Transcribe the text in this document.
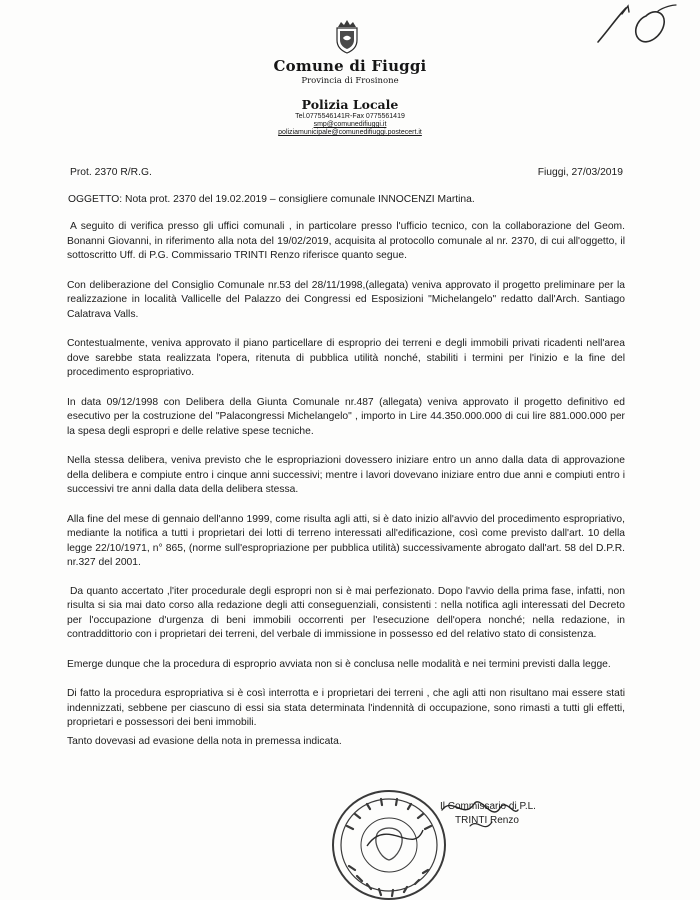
Comune di Fiuggi
Provincia di Frosinone
Polizia Locale
Tel.0775546141R-Fax 0775561419
smp@comunedifiuggi.it
poliziamunicipale@comunedifiuggi.postecert.it
Prot. 2370 R/R.G.	Fiuggi, 27/03/2019
OGGETTO: Nota prot. 2370 del 19.02.2019 – consigliere comunale INNOCENZI Martina.

A seguito di verifica presso gli uffici comunali , in particolare presso l'ufficio tecnico, con la collaborazione del Geom. Bonanni Giovanni, in riferimento alla nota del 19/02/2019, acquisita al protocollo comunale al nr. 2370, di cui all'oggetto, il sottoscritto Uff. di P.G. Commissario TRINTI Renzo riferisce quanto segue.

Con deliberazione del Consiglio Comunale nr.53 del 28/11/1998,(allegata) veniva approvato il progetto preliminare per la realizzazione in località Vallicelle del Palazzo dei Congressi ed Esposizioni "Michelangelo" redatto dall'Arch. Santiago Calatrava Valls.

Contestualmente, veniva approvato il piano particellare di esproprio dei terreni e degli immobili privati ricadenti nell'area dove sarebbe stata realizzata l'opera, ritenuta di pubblica utilità nonché, stabiliti i termini per l'inizio e la fine del procedimento espropriativo.

In data 09/12/1998 con Delibera della Giunta Comunale nr.487 (allegata) veniva approvato il progetto definitivo ed esecutivo per la costruzione del "Palacongressi Michelangelo" , importo in Lire 44.350.000.000 di cui lire 881.000.000 per la spesa degli espropri e delle relative spese tecniche.

Nella stessa delibera, veniva previsto che le espropriazioni dovessero iniziare entro un anno dalla data di approvazione della delibera e compiute entro i cinque anni successivi; mentre i lavori dovevano iniziare entro due anni e compiuti entro i successivi tre anni dalla data della delibera stessa.

Alla fine del mese di gennaio dell'anno 1999, come risulta agli atti, si è dato inizio all'avvio del procedimento espropriativo, mediante la notifica a tutti i proprietari dei lotti di terreno interessati all'edificazione, così come previsto dall'art. 10 della legge 22/10/1971, n° 865, (norme sull'espropriazione per pubblica utilità) successivamente abrogato dall'art. 58 del D.P.R. nr.327 del 2001.

Da quanto accertato ,l'iter procedurale degli espropri non si è mai perfezionato. Dopo l'avvio della prima fase, infatti, non risulta si sia mai dato corso alla redazione degli atti conseguenziali, consistenti : nella notifica agli interessati del Decreto per l'occupazione d'urgenza di beni immobili occorrenti per l'esecuzione dell'opera nonché; nella redazione, in contraddittorio con i proprietari dei terreni, del verbale di immissione in possesso ed del relativo stato di consistenza.

Emerge dunque che la procedura di esproprio avviata non si è conclusa nelle modalità e nei termini previsti dalla legge.

Di fatto la procedura espropriativa si è così interrotta e i proprietari dei terreni , che agli atti non risultano mai essere stati indennizzati, sebbene per ciascuno di essi sia stata determinata l'indennità di occupazione, sono rimasti a tutti gli effetti, proprietari e possessori dei beni immobili.

Tanto dovevasi ad evasione della nota in premessa indicata.

Il Commissario di P.L.
TRINTI Renzo
